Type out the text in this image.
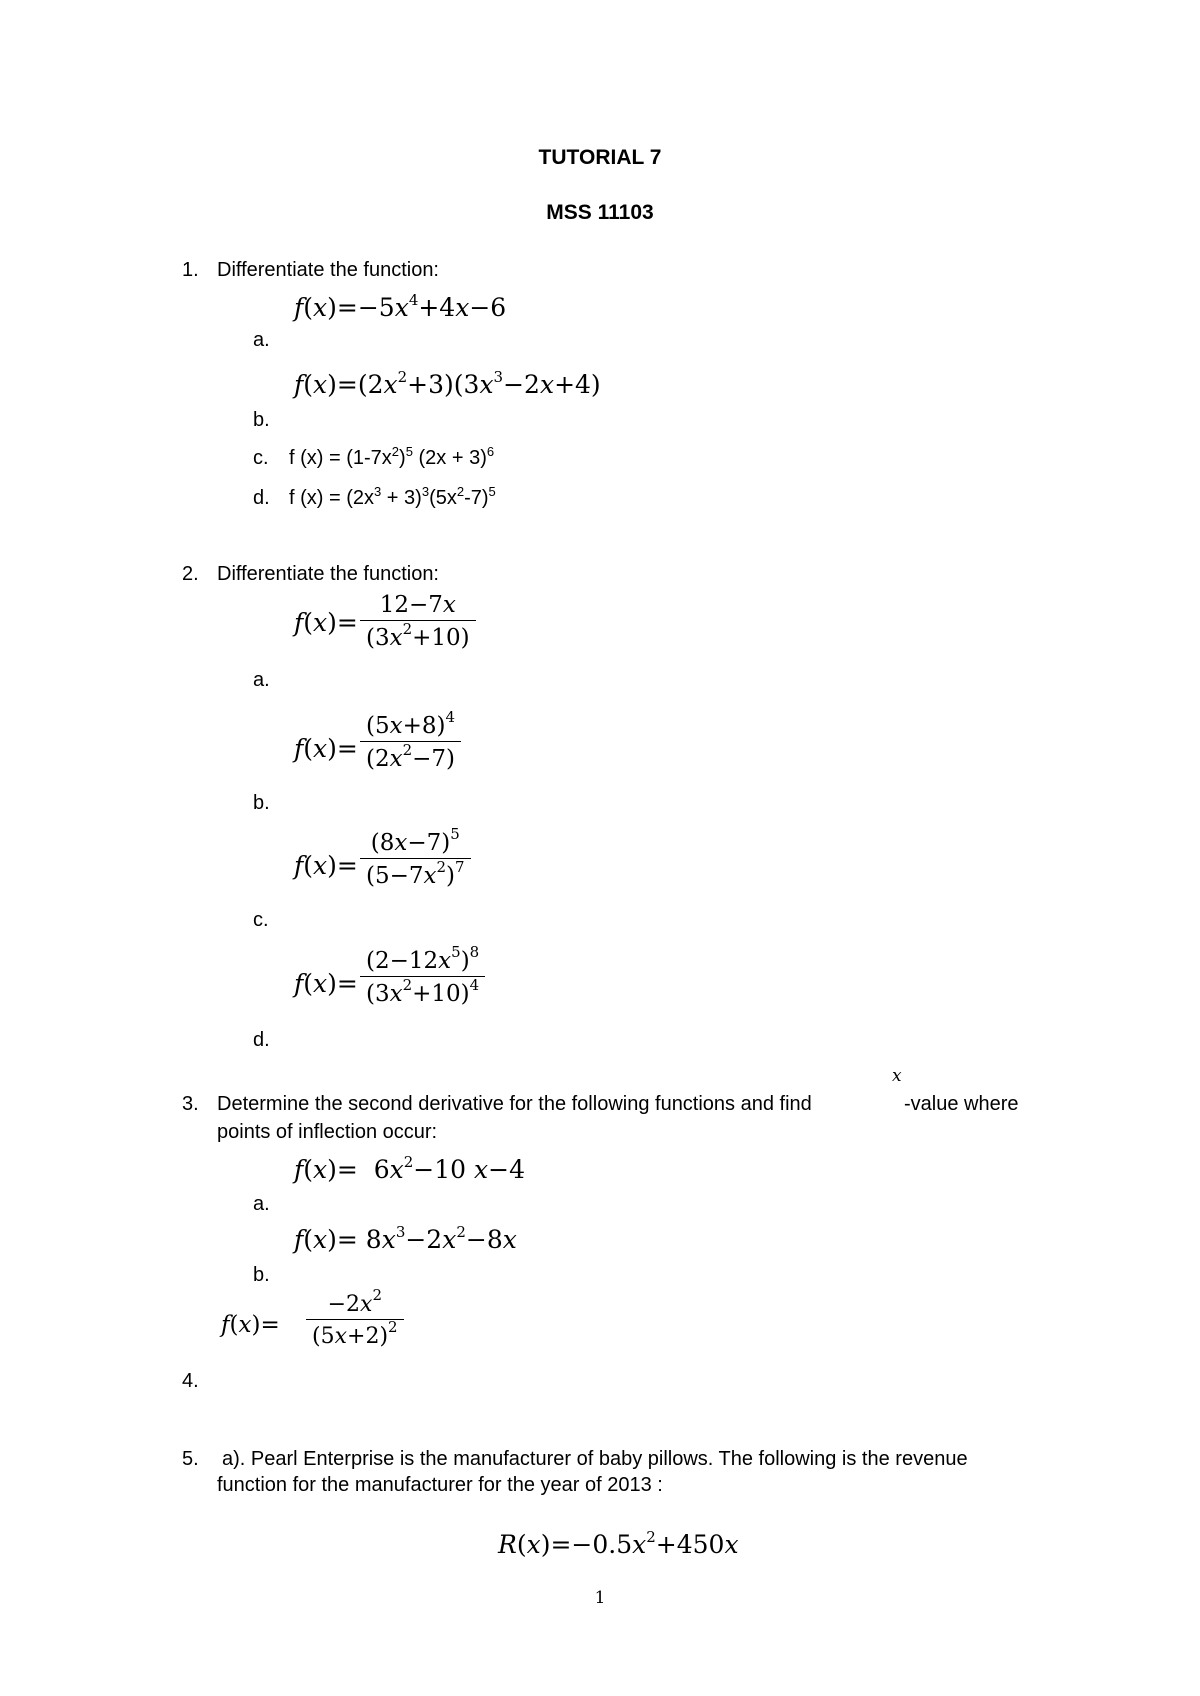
TUTORIAL 7
MSS 11103
1. Differentiate the function:
$f(x)=-5x^4+4x-6$
a.
$f(x)=(2x^2+3)(3x^3-2x+4)$
b.
c. f $(x) = (1-7x^2)^5$ $(2x + 3)^6$
d. f $(x) = (2x^3 + 3)^3(5x^2-7)^5$
2. Differentiate the function:
$f(x)= \frac{12-7x}{(3x^2+10)}$
a.
$f(x)= \frac{(5x+8)^4}{(2x^2-7)}$
b.
$f(x)= \frac{(8x-7)^5}{(5-7x^2)^7}$
c.
$f(x)= \frac{(2-12x^5)^8}{(3x^2+10)^4}$
d.
x
3. Determine the second derivative for the following functions and find	-value where
points of inflection occur:
$f(x)= 6x^2-10$ x−4
a.
$f(x)= 8x^3-2x^2-8x$
b.
$f(x)= \frac{-2x^2}{(5x+2)^2}$
4.
5. a). Pearl Enterprise is the manufacturer of baby pillows. The following is the revenue
function for the manufacturer for the year of 2013 :
$R(x)=-0.5x^2+450x$
1
